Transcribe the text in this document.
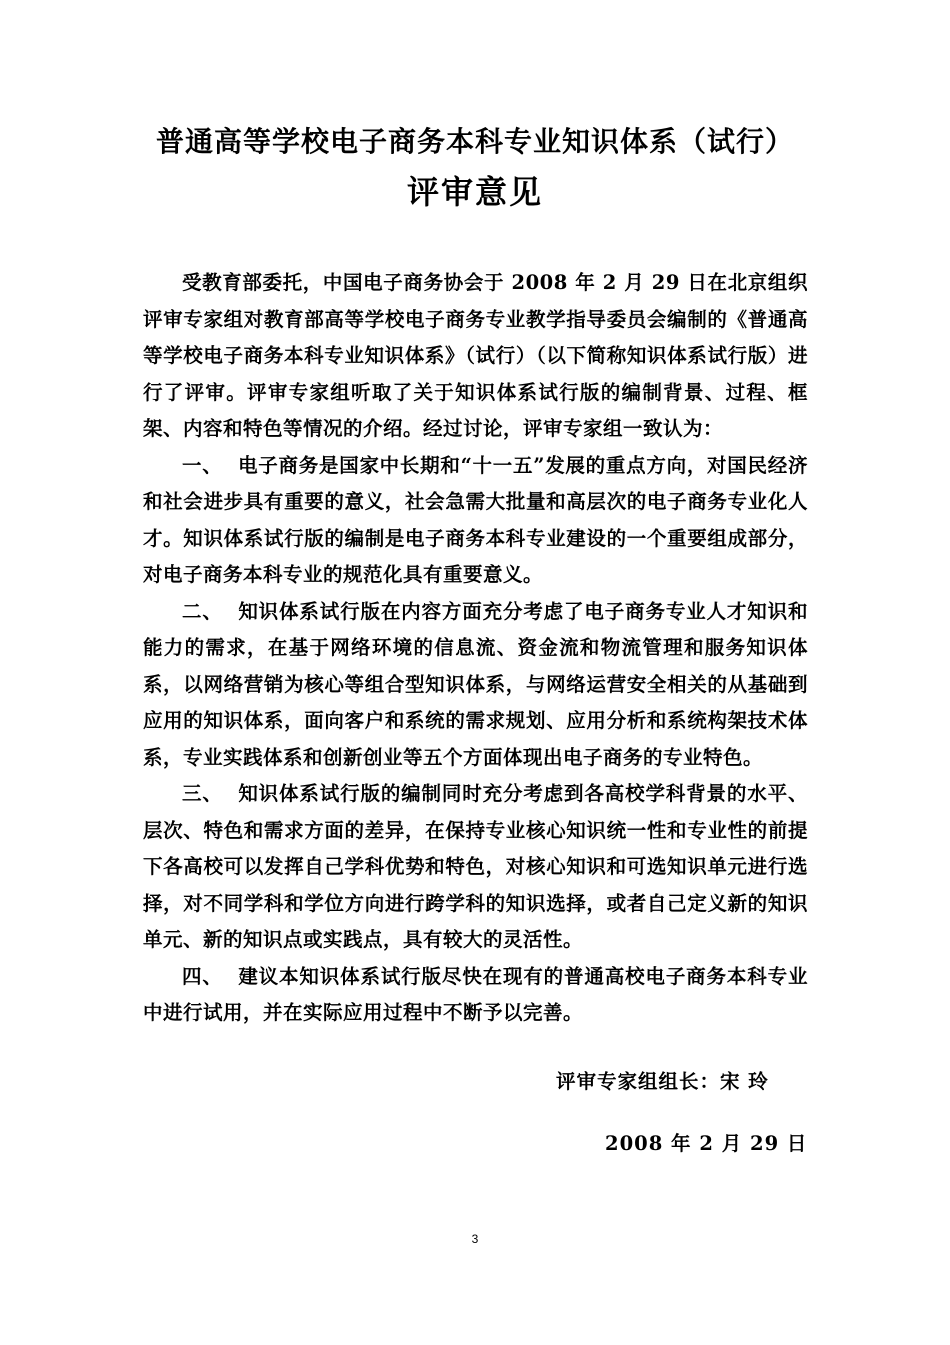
普通高等学校电子商务本科专业知识体系（试行）
评审意见

受教育部委托，中国电子商务协会于 2008 年 2 月 29 日在北京组织评审专家组对教育部高等学校电子商务专业教学指导委员会编制的《普通高等学校电子商务本科专业知识体系》（试行）（以下简称知识体系试行版）进行了评审。评审专家组听取了关于知识体系试行版的编制背景、过程、框架、内容和特色等情况的介绍。经过讨论，评审专家组一致认为：

一、 电子商务是国家中长期和“十一五”发展的重点方向，对国民经济和社会进步具有重要的意义，社会急需大批量和高层次的电子商务专业化人才。知识体系试行版的编制是电子商务本科专业建设的一个重要组成部分，对电子商务本科专业的规范化具有重要意义。

二、 知识体系试行版在内容方面充分考虑了电子商务专业人才知识和能力的需求，在基于网络环境的信息流、资金流和物流管理和服务知识体系，以网络营销为核心等组合型知识体系，与网络运营安全相关的从基础到应用的知识体系，面向客户和系统的需求规划、应用分析和系统构架技术体系，专业实践体系和创新创业等五个方面体现出电子商务的专业特色。

三、 知识体系试行版的编制同时充分考虑到各高校学科背景的水平、层次、特色和需求方面的差异，在保持专业核心知识统一性和专业性的前提下各高校可以发挥自己学科优势和特色，对核心知识和可选知识单元进行选择，对不同学科和学位方向进行跨学科的知识选择，或者自己定义新的知识单元、新的知识点或实践点，具有较大的灵活性。

四、 建议本知识体系试行版尽快在现有的普通高校电子商务本科专业中进行试用，并在实际应用过程中不断予以完善。

评审专家组组长：宋 玲
2008 年 2 月 29 日
3
